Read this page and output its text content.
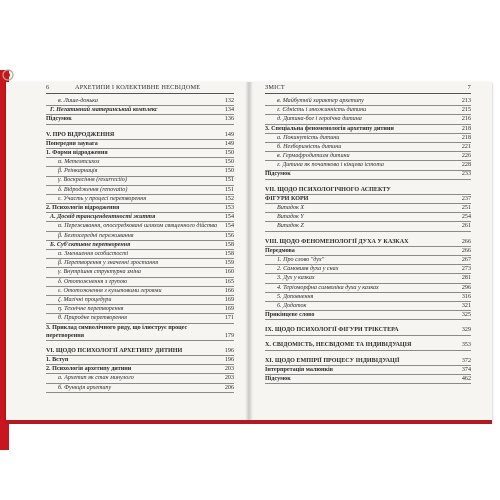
6	АРХЕТИПИ І КОЛЕКТИВНЕ НЕСВІДОМЕ
в. Лише-донька	132
Г. Негативний материнський комплекс	134
Підсумок	136
V. ПРО ВІДРОДЖЕННЯ	149
Попередня заувага	149
1. Форми відродження	150
α. Метемпсихоз	150
β. Реінкарнація	150
γ. Воскресіння (resurrectio)	151
δ. Відродження (renovatio)	151
ε. Участь у процесі перетворення	152
2. Психологія відродження	153
А. Досвід трансцендентності життя	154
α. Переживання, опосередковані шляхом священного дійства	154
β. Безпосередні переживання	156
Б. Суб'єктивне перетворення	158
α. Зменшення особистості	158
β. Перетворення у значенні зростання	159
γ. Внутрішня структурна зміна	160
δ. Ототожнення з групою	165
ε. Ототожнення з культовими героями	166
ζ. Магічні процедури	169
η. Технічне перетворення	169
θ. Природне перетворення	171
3. Приклад символічного ряду, що ілюструє процес
перетворення	179
VI. ЩОДО ПСИХОЛОГІЇ АРХЕТИПУ ДИТИНИ	196
1. Вступ	196
2. Психологія архетипу дитини	203
а. Архетип як стан минулого	203
б. Функція архетипу	206
ЗМІСТ	7
в. Майбутній характер архетипу	213
г. Єдність і множинність дитини	215
д. Дитина-бог і героїчна дитина	216
3. Спеціальна феноменологія архетипу дитини	218
а. Покинутість дитини	218
б. Незборимість дитини	221
в. Гермафродитизм дитини	226
г. Дитина як початкова і кінцева істота	228
Підсумок	233
VII. ЩОДО ПСИХОЛОГІЧНОГО АСПЕКТУ
ФІГУРИ КОРИ	237
Випадок X	251
Випадок Y	254
Випадок Z	261
VIII. ЩОДО ФЕНОМЕНОЛОГІЇ ДУХА У КАЗКАХ	266
Передмова	266
1. Про слово "дух"	267
2. Самовияв духа у снах	273
3. Дух у казках	281
4. Теріоморфна символіка духа у казках	296
5. Доповнення	316
6. Додаток	321
Прикінцеве слово	325
IX. ЩОДО ПСИХОЛОГІЇ ФІГУРИ ТРІКСТЕРА	329
X. СВІДОМІСТЬ, НЕСВІДОМЕ ТА ІНДИВІДУАЦІЯ	353
XI. ЩОДО ЕМПІРІЇ ПРОЦЕСУ ІНДИВІДУАЦІЇ	372
Інтерпретація малюнків	374
Підсумок	462
